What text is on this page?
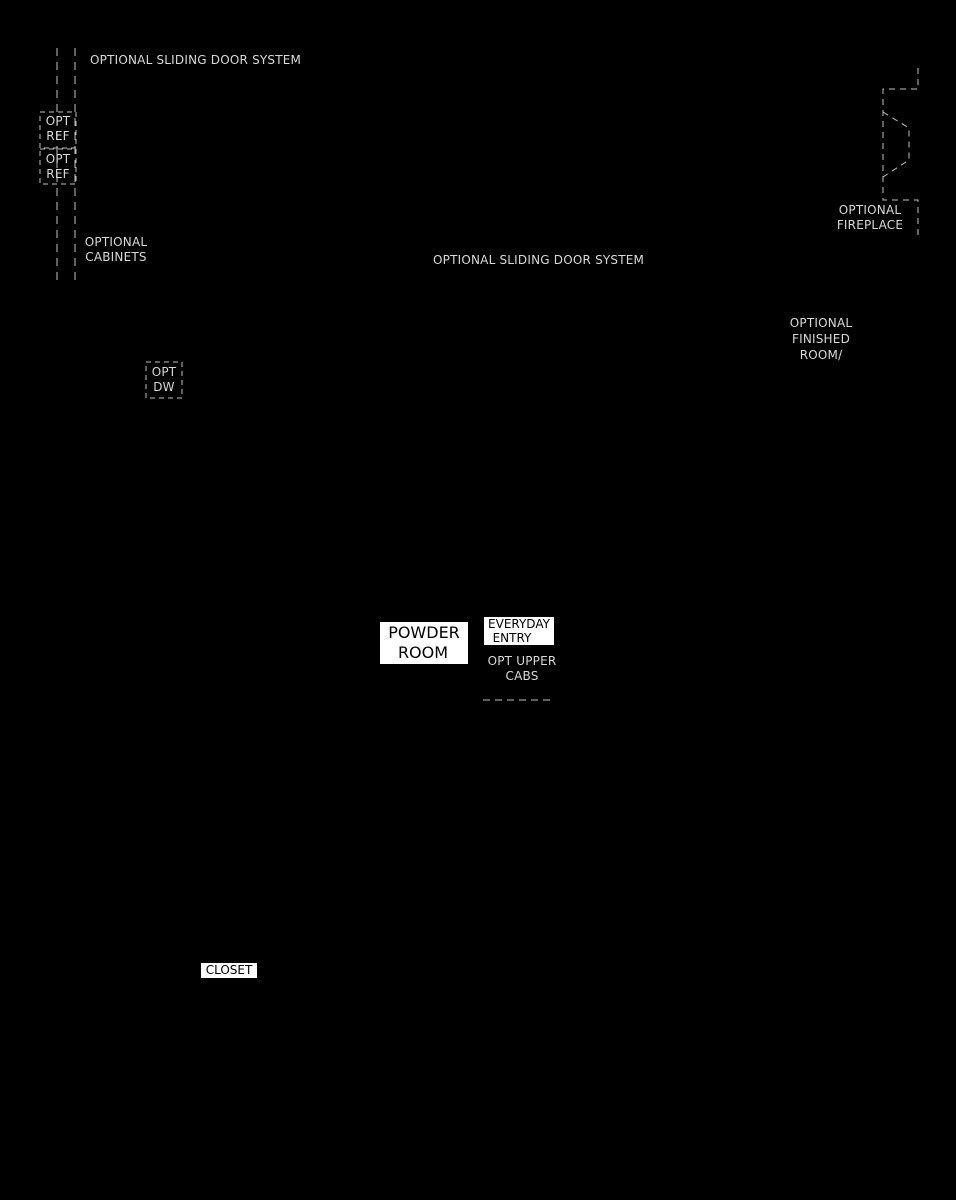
OPTIONAL SLIDING DOOR SYSTEM
OPT
REF
OPT
REF
OPTIONAL
CABINETS	OPTIONAL SLIDING DOOR SYSTEM
OPTIONAL
FIREPLACE
OPTIONAL
FINISHED
ROOM/
OPT
DW
POWDER
ROOM
EVERYDAY
ENTRY
OPT UPPER
CABS
CLOSET
